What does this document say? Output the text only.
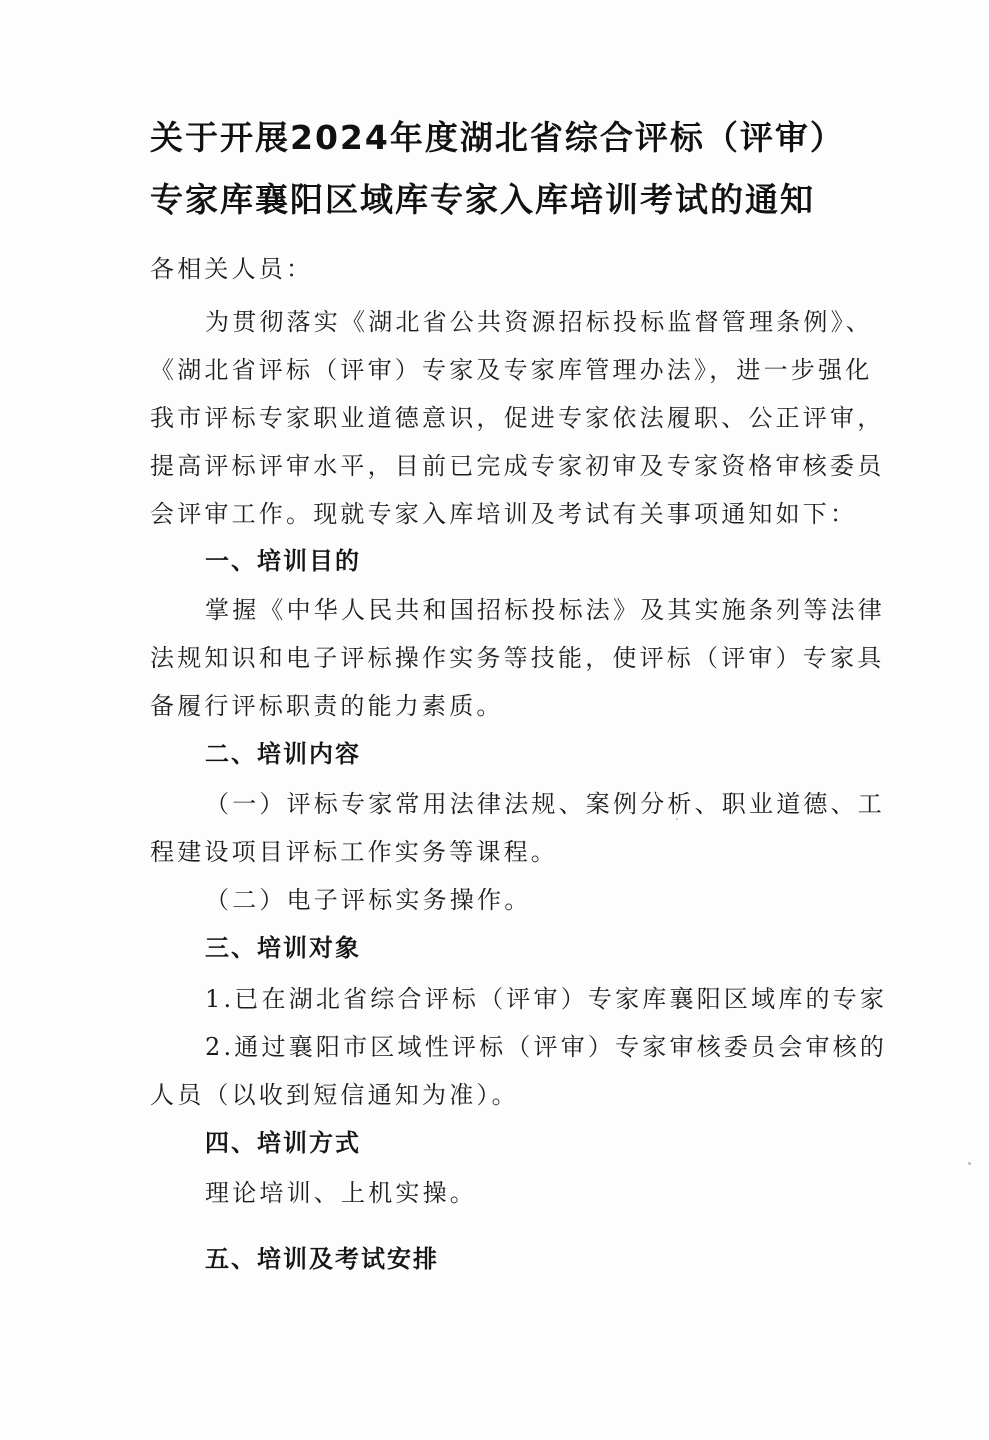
关于开展2024年度湖北省综合评标（评审）
专家库襄阳区域库专家入库培训考试的通知
各相关人员：
为贯彻落实《湖北省公共资源招标投标监督管理条例》、
《湖北省评标（评审）专家及专家库管理办法》，进一步强化
我市评标专家职业道德意识，促进专家依法履职、公正评审，
提高评标评审水平，目前已完成专家初审及专家资格审核委员
会评审工作。现就专家入库培训及考试有关事项通知如下：
一、培训目的
掌握《中华人民共和国招标投标法》及其实施条列等法律
法规知识和电子评标操作实务等技能，使评标（评审）专家具
备履行评标职责的能力素质。
二、培训内容
（一）评标专家常用法律法规、案例分析、职业道德、工
程建设项目评标工作实务等课程。
（二）电子评标实务操作。
三、培训对象
1.已在湖北省综合评标（评审）专家库襄阳区域库的专家
2.通过襄阳市区域性评标（评审）专家审核委员会审核的
人员（以收到短信通知为准）。
四、培训方式
理论培训、上机实操。
五、培训及考试安排
